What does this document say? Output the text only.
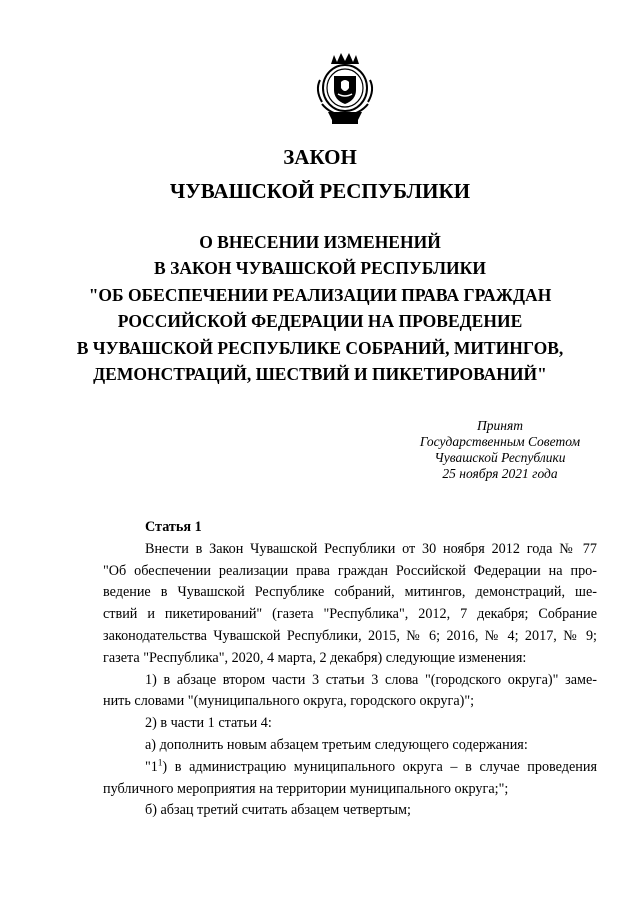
ЗАКОН
ЧУВАШСКОЙ РЕСПУБЛИКИ
О ВНЕСЕНИИ ИЗМЕНЕНИЙ
В ЗАКОН ЧУВАШСКОЙ РЕСПУБЛИКИ
"ОБ ОБЕСПЕЧЕНИИ РЕАЛИЗАЦИИ ПРАВА ГРАЖДАН
РОССИЙСКОЙ ФЕДЕРАЦИИ НА ПРОВЕДЕНИЕ
В ЧУВАШСКОЙ РЕСПУБЛИКЕ СОБРАНИЙ, МИТИНГОВ,
ДЕМОНСТРАЦИЙ, ШЕСТВИЙ И ПИКЕТИРОВАНИЙ"
Принят
Государственным Советом
Чувашской Республики
25 ноября 2021 года
Статья 1
Внести в Закон Чувашской Республики от 30 ноября 2012 года № 77
"Об обеспечении реализации права граждан Российской Федерации на про-
ведение в Чувашской Республике собраний, митингов, демонстраций, ше-
ствий и пикетирований" (газета "Республика", 2012, 7 декабря; Собрание
законодательства Чувашской Республики, 2015, № 6; 2016, № 4; 2017, № 9;
газета "Республика", 2020, 4 марта, 2 декабря) следующие изменения:
1) в абзаце втором части 3 статьи 3 слова "(городского округа)" заме-
нить словами "(муниципального округа, городского округа)";
2) в части 1 статьи 4:
а) дополнить новым абзацем третьим следующего содержания:
"$1^1$) в администрацию муниципального округа – в случае проведения
публичного мероприятия на территории муниципального округа;";
б) абзац третий считать абзацем четвертым;
